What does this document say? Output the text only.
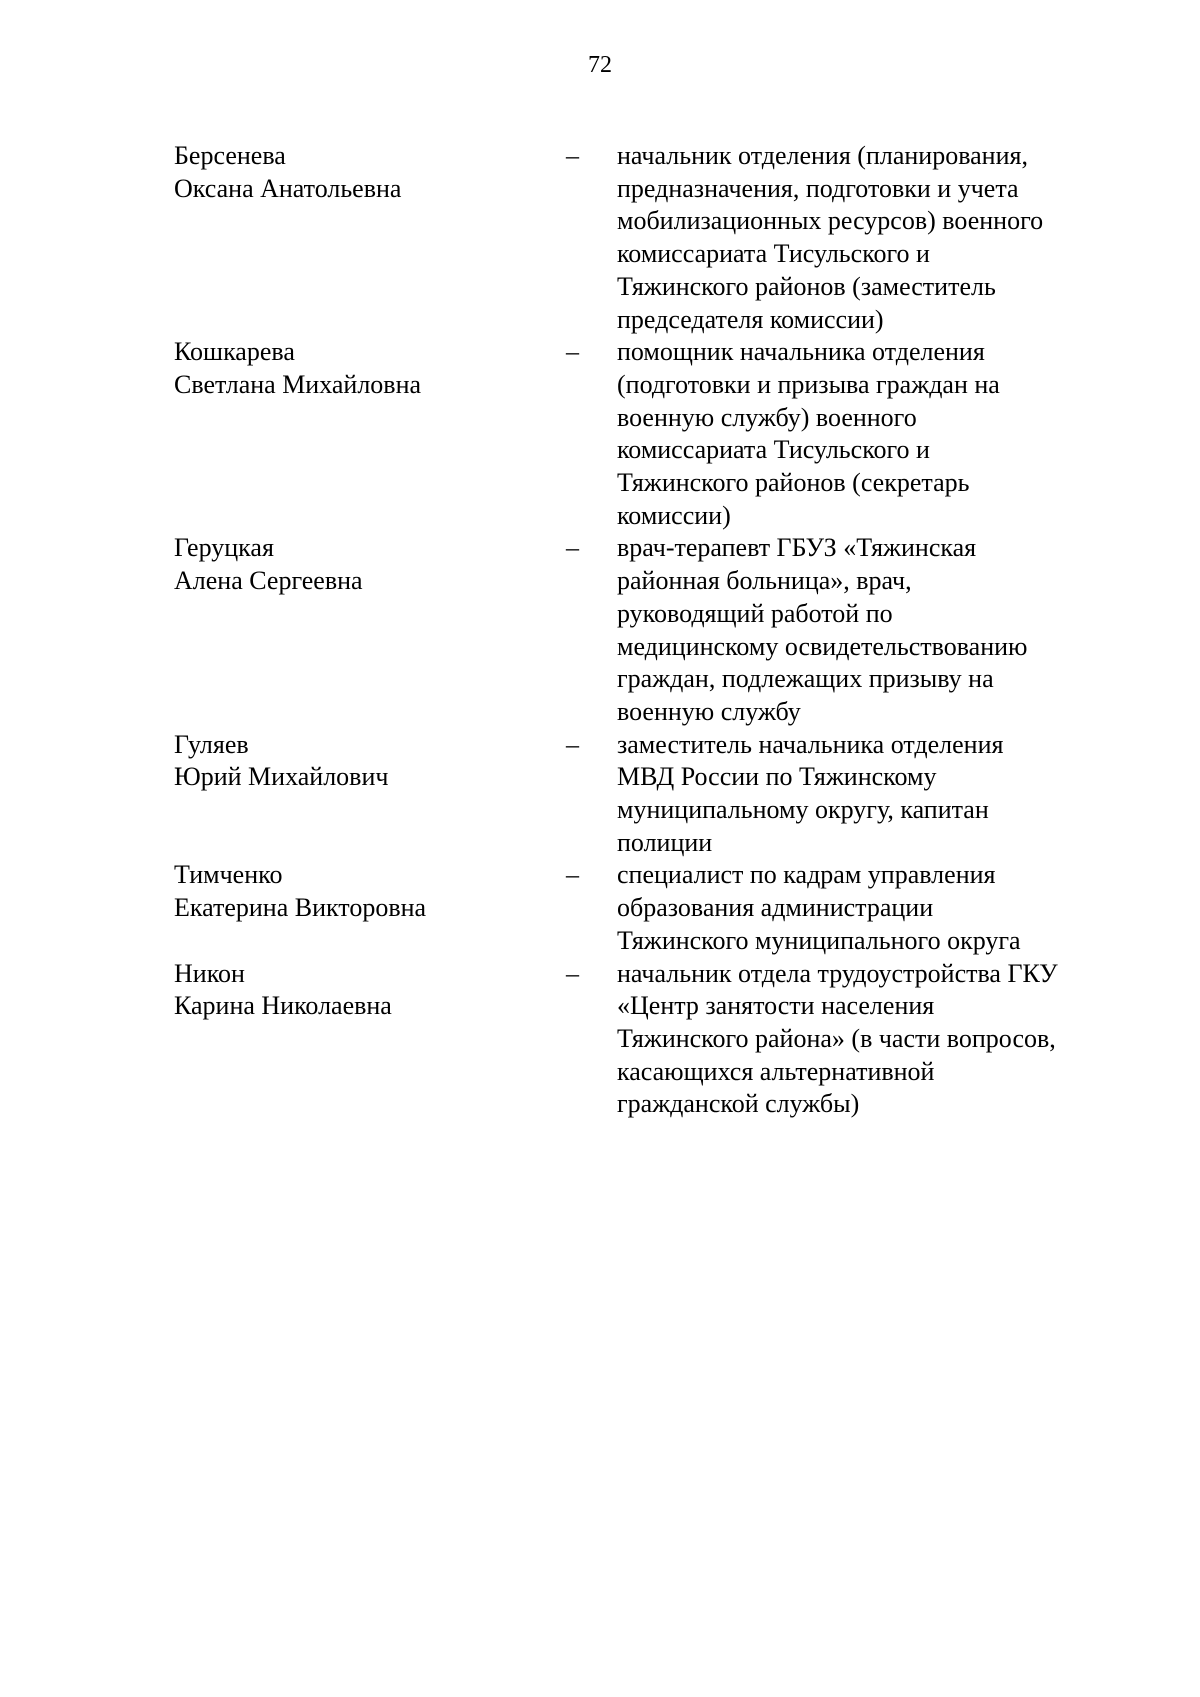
72
Берсенева
Оксана Анатольевна
–	начальник отделения (планирования,
предназначения, подготовки и учета
мобилизационных ресурсов) военного
комиссариата Тисульского и
Тяжинского районов (заместитель
председателя комиссии)
Кошкарева
Светлана Михайловна
–	помощник начальника отделения
(подготовки и призыва граждан на
военную службу) военного
комиссариата Тисульского и
Тяжинского районов (секретарь
комиссии)
Геруцкая
Алена Сергеевна
–	врач-терапевт ГБУЗ «Тяжинская
районная больница», врач,
руководящий работой по
медицинскому освидетельствованию
граждан, подлежащих призыву на
военную службу
Гуляев
Юрий Михайлович
–	заместитель начальника отделения
МВД России по Тяжинскому
муниципальному округу, капитан
полиции
Тимченко
Екатерина Викторовна
–	специалист по кадрам управления
образования администрации
Тяжинского муниципального округа
Никон
Карина Николаевна
–	начальник отдела трудоустройства ГКУ
«Центр занятости населения
Тяжинского района» (в части вопросов,
касающихся альтернативной
гражданской службы)
